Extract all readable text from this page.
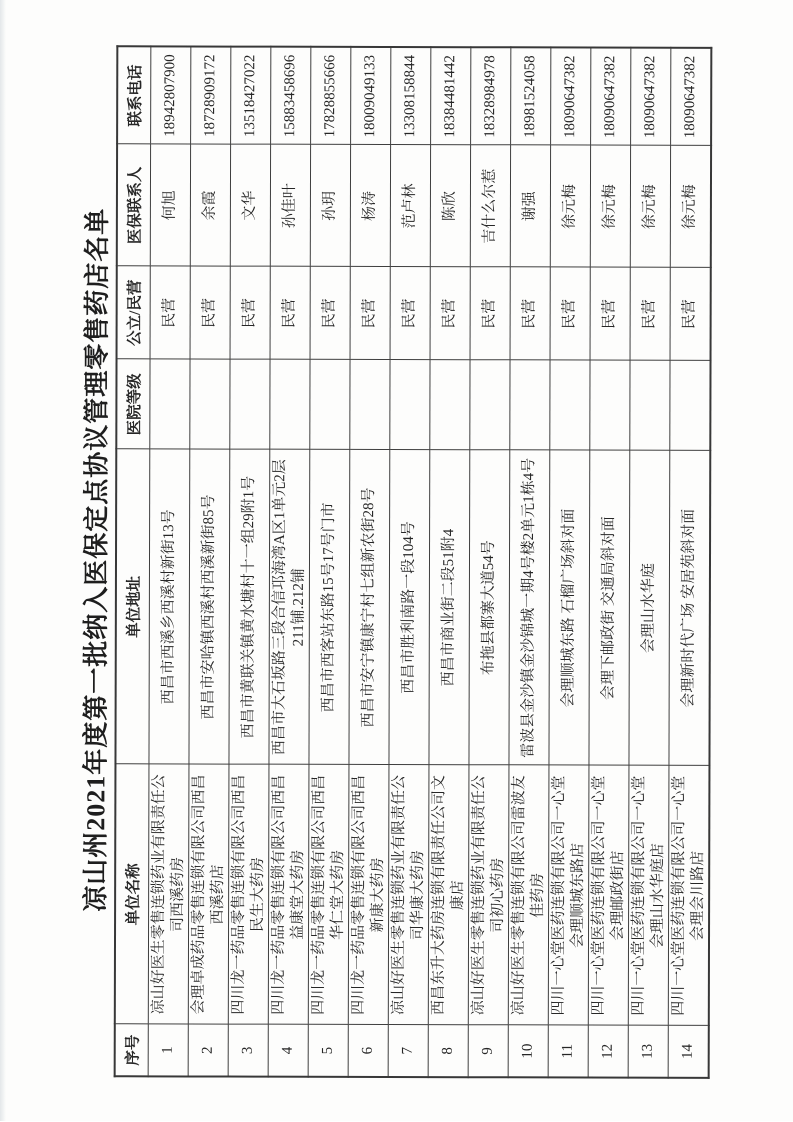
凉山州2021年度第一批纳入医保定点协议管理零售药店名单
序号	单位名称	单位地址	医院等级	公立/民营	医保联系人	联系电话
1	凉山好医生零售连锁药业有限责任公司西溪药房	西昌市西溪乡西溪村新街13号		民营	何旭	18942807900
2	会理卓成药品零售连锁有限公司西昌西溪药店	西昌市安哈镇西溪村西溪新街85号		民营	余霞	18728909172
3	四川龙一药品零售连锁有限公司西昌民生大药房	西昌市黄联关镇黄水塘村十一组29附1号		民营	文华	13518427022
4	四川龙一药品零售连锁有限公司西昌益康堂大药房	西昌市大石坂路三段合信邛海湾A区1单元2层211铺.212铺		民营	孙佳叶	15883458696
5	四川龙一药品零售连锁有限公司西昌华仁堂大药房	西昌市西客站东路15号17号门市		民营	孙玥	17828855666
6	四川龙一药品零售连锁有限公司西昌新康大药房	西昌市安宁镇康宁村七组新农街28号		民营	杨涛	18009049133
7	凉山好医生零售连锁药业有限责任公司华康大药房	西昌市胜利南路一段104号		民营	范卢林	13308158844
8	西昌东升大药房连锁有限责任公司文康店	西昌市商业街二段51附4		民营	陈欣	18384481442
9	凉山好医生零售连锁药业有限责任公司初心药房	布拖县都寨大道54号		民营	吉什么尔惹	18328984978
10	凉山好医生零售连锁有限公司雷波友佳药房	雷波县金沙镇金沙锦城一期4号楼2单元1栋4号		民营	谢强	18981524058
11	四川一心堂医药连锁有限公司一心堂会理顺城东路店	会理顺城东路 石榴广场斜对面		民营	徐元梅	18090647382
12	四川一心堂医药连锁有限公司一心堂会理邮政街店	会理下邮政街 交通局斜对面		民营	徐元梅	18090647382
13	四川一心堂医药连锁有限公司一心堂会理山水华庭店	会理山水华庭		民营	徐元梅	18090647382
14	四川一心堂医药连锁有限公司一心堂会理会川路店	会理新时代广场 安居苑斜对面		民营	徐元梅	18090647382
